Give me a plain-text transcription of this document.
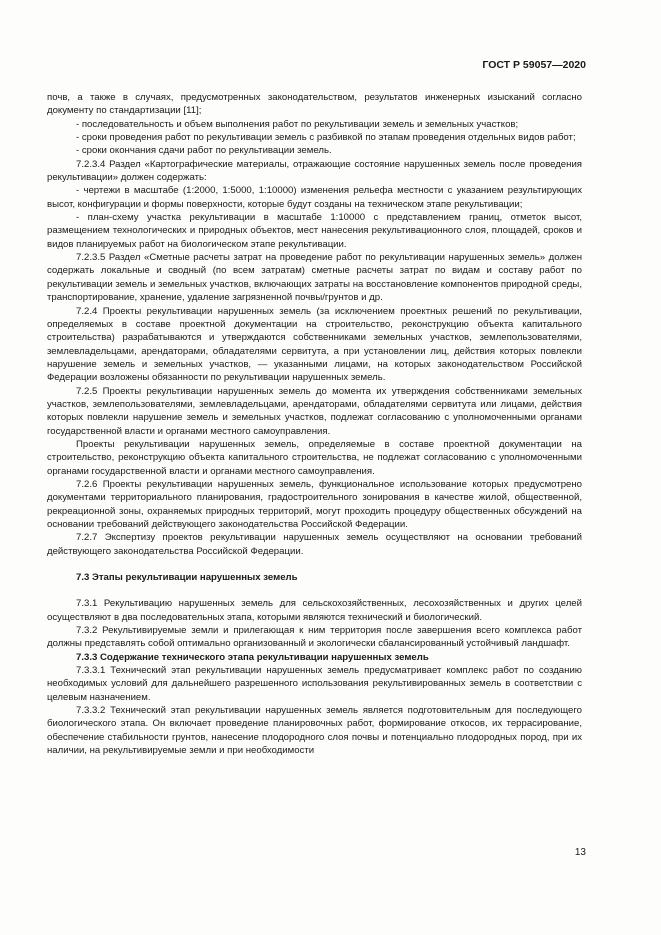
ГОСТ Р 59057—2020

почв, а также в случаях, предусмотренных законодательством, результатов инженерных изысканий согласно документу по стандартизации [11];

- последовательность и объем выполнения работ по рекультивации земель и земельных участков;

- сроки проведения работ по рекультивации земель с разбивкой по этапам проведения отдельных видов работ;

- сроки окончания сдачи работ по рекультивации земель.

7.2.3.4 Раздел «Картографические материалы, отражающие состояние нарушенных земель после проведения рекультивации» должен содержать:

- чертежи в масштабе (1:2000, 1:5000, 1:10000) изменения рельефа местности с указанием результирующих высот, конфигурации и формы поверхности, которые будут созданы на техническом этапе рекультивации;

- план-схему участка рекультивации в масштабе 1:10000 с представлением границ, отметок высот, размещением технологических и природных объектов, мест нанесения рекультивационного слоя, площадей, сроков и видов планируемых работ на биологическом этапе рекультивации.

7.2.3.5 Раздел «Сметные расчеты затрат на проведение работ по рекультивации нарушенных земель» должен содержать локальные и сводный (по всем затратам) сметные расчеты затрат по видам и составу работ по рекультивации земель и земельных участков, включающих затраты на восстановление компонентов природной среды, транспортирование, хранение, удаление загрязненной почвы/грунтов и др.

7.2.4 Проекты рекультивации нарушенных земель (за исключением проектных решений по рекультивации, определяемых в составе проектной документации на строительство, реконструкцию объекта капитального строительства) разрабатываются и утверждаются собственниками земельных участков, землепользователями, землевладельцами, арендаторами, обладателями сервитута, а при установлении лиц, действия которых повлекли нарушение земель и земельных участков, — указанными лицами, на которых законодательством Российской Федерации возложены обязанности по рекультивации нарушенных земель.

7.2.5 Проекты рекультивации нарушенных земель до момента их утверждения собственниками земельных участков, землепользователями, землевладельцами, арендаторами, обладателями сервитута или лицами, действия которых повлекли нарушение земель и земельных участков, подлежат согласованию с уполномоченными органами государственной власти и органами местного самоуправления.

Проекты рекультивации нарушенных земель, определяемые в составе проектной документации на строительство, реконструкцию объекта капитального строительства, не подлежат согласованию с уполномоченными органами государственной власти и органами местного самоуправления.

7.2.6 Проекты рекультивации нарушенных земель, функциональное использование которых предусмотрено документами территориального планирования, градостроительного зонирования в качестве жилой, общественной, рекреационной зоны, охраняемых природных территорий, могут проходить процедуру общественных обсуждений на основании требований действующего законодательства Российской Федерации.

7.2.7 Экспертизу проектов рекультивации нарушенных земель осуществляют на основании требований действующего законодательства Российской Федерации.

7.3 Этапы рекультивации нарушенных земель

7.3.1 Рекультивацию нарушенных земель для сельскохозяйственных, лесохозяйственных и других целей осуществляют в два последовательных этапа, которыми являются технический и биологический.

7.3.2 Рекультивируемые земли и прилегающая к ним территория после завершения всего комплекса работ должны представлять собой оптимально организованный и экологически сбалансированный устойчивый ландшафт.

7.3.3 Содержание технического этапа рекультивации нарушенных земель

7.3.3.1 Технический этап рекультивации нарушенных земель предусматривает комплекс работ по созданию необходимых условий для дальнейшего разрешенного использования рекультивированных земель в соответствии с целевым назначением.

7.3.3.2 Технический этап рекультивации нарушенных земель является подготовительным для последующего биологического этапа. Он включает проведение планировочных работ, формирование откосов, их террасирование, обеспечение стабильности грунтов, нанесение плодородного слоя почвы и потенциально плодородных пород, при их наличии, на рекультивируемые земли и при необходимости

13
